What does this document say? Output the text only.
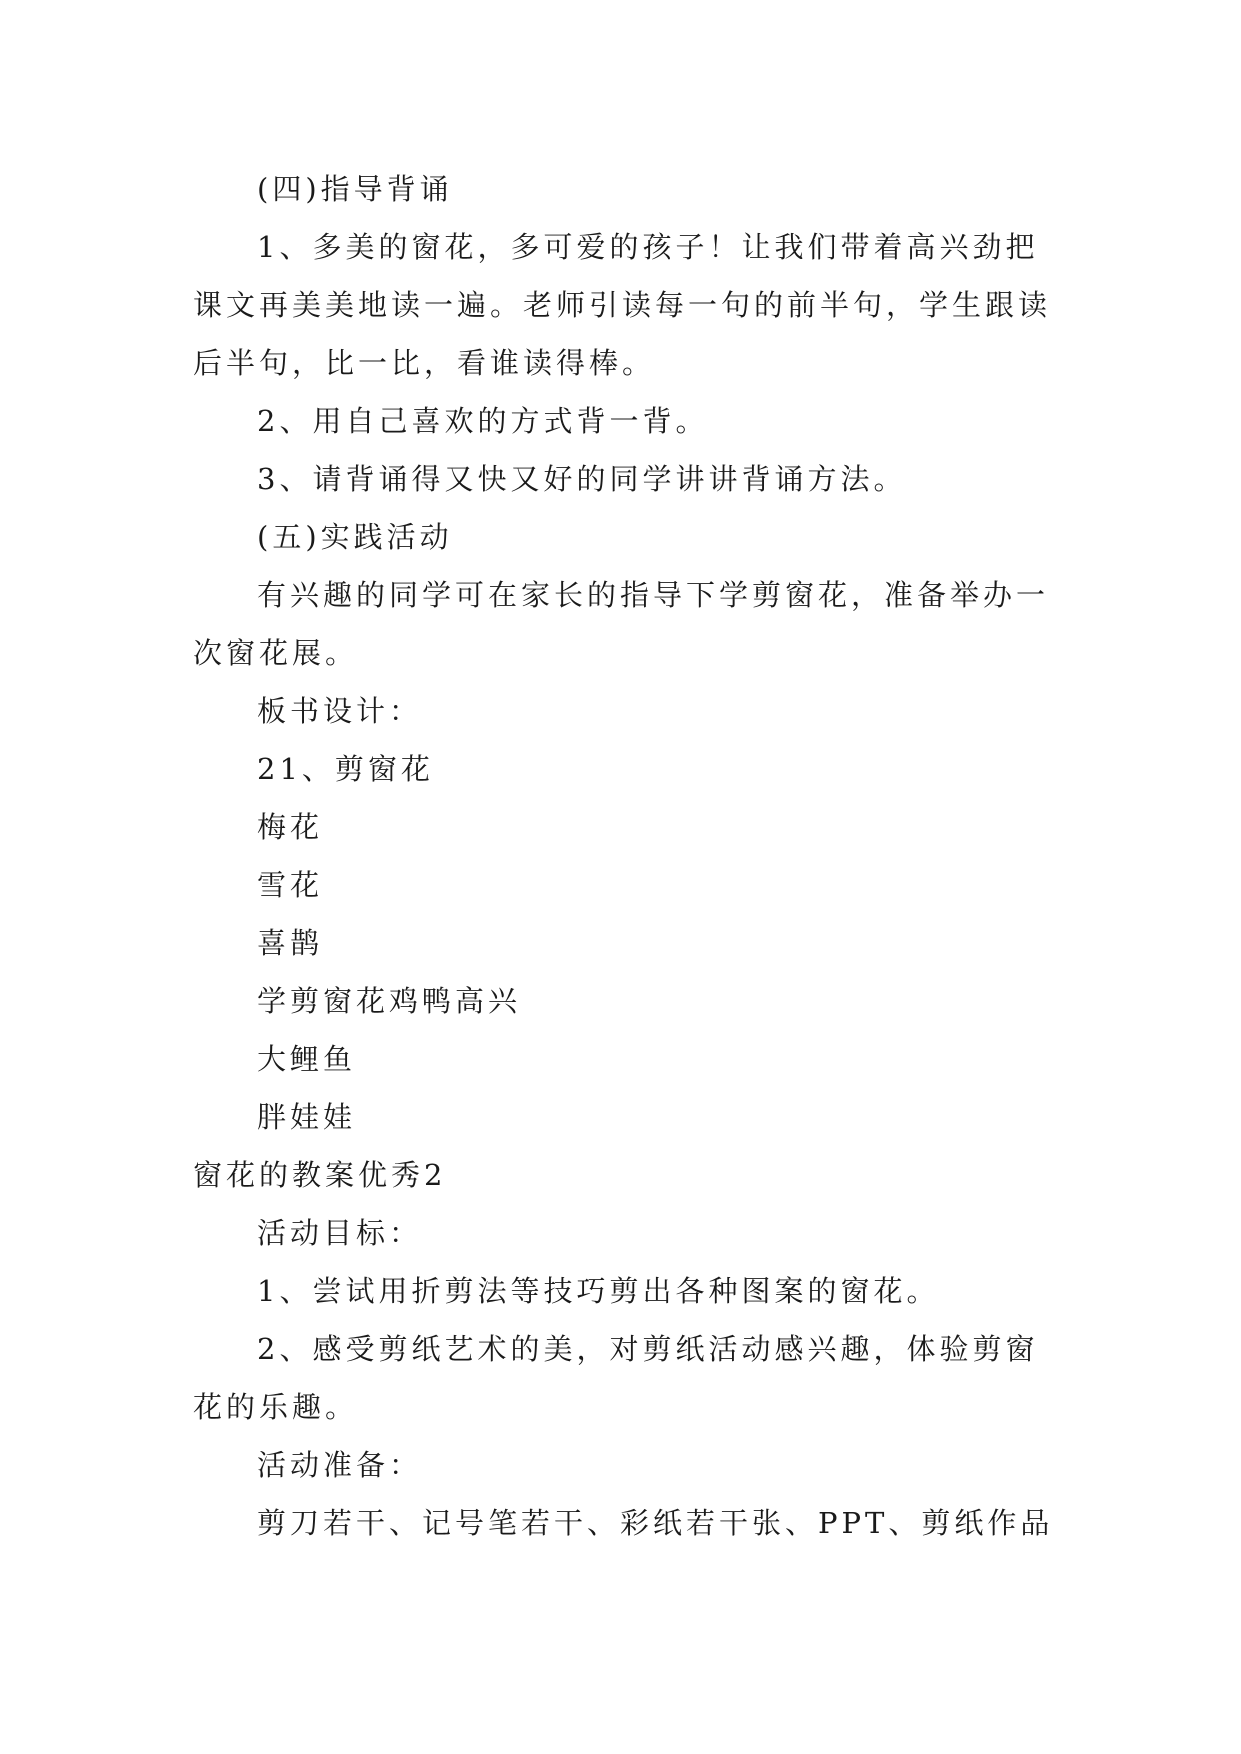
(四)指导背诵
1、多美的窗花，多可爱的孩子！让我们带着高兴劲把
课文再美美地读一遍。老师引读每一句的前半句，学生跟读
后半句，比一比，看谁读得棒。
2、用自己喜欢的方式背一背。
3、请背诵得又快又好的同学讲讲背诵方法。
(五)实践活动
有兴趣的同学可在家长的指导下学剪窗花，准备举办一
次窗花展。
板书设计：
21、剪窗花
梅花
雪花
喜鹊
学剪窗花鸡鸭高兴
大鲤鱼
胖娃娃
窗花的教案优秀2
活动目标：
1、尝试用折剪法等技巧剪出各种图案的窗花。
2、感受剪纸艺术的美，对剪纸活动感兴趣，体验剪窗
花的乐趣。
活动准备：
剪刀若干、记号笔若干、彩纸若干张、PPT、剪纸作品
